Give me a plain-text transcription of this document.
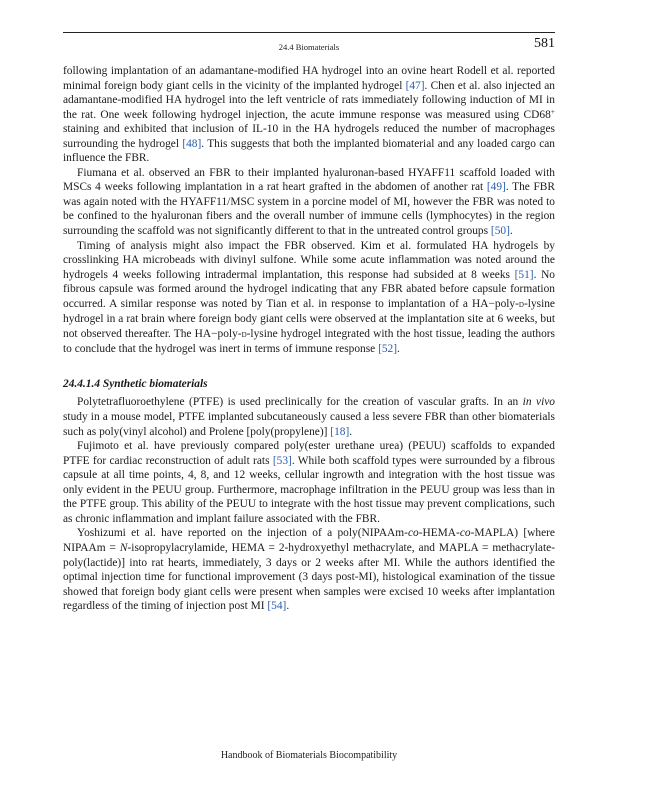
24.4 Biomaterials	581

following implantation of an adamantane-modified HA hydrogel into an ovine heart Rodell et al. reported minimal foreign body giant cells in the vicinity of the implanted hydrogel [47]. Chen et al. also injected an adamantane-modified HA hydrogel into the left ventricle of rats immediately following induction of MI in the rat. One week following hydrogel injection, the acute immune response was measured using CD68+ staining and exhibited that inclusion of IL-10 in the HA hydrogels reduced the number of macrophages surrounding the hydrogel [48]. This suggests that both the implanted biomaterial and any loaded cargo can influence the FBR.

Fiumana et al. observed an FBR to their implanted hyaluronan-based HYAFF11 scaffold loaded with MSCs 4 weeks following implantation in a rat heart grafted in the abdomen of another rat [49]. The FBR was again noted with the HYAFF11/MSC system in a porcine model of MI, however the FBR was noted to be confined to the hyaluronan fibers and the overall number of immune cells (lymphocytes) in the region surrounding the scaffold was not significantly different to that in the untreated control groups [50].

Timing of analysis might also impact the FBR observed. Kim et al. formulated HA hydrogels by crosslinking HA microbeads with divinyl sulfone. While some acute inflammation was noted around the hydrogels 4 weeks following intradermal implantation, this response had subsided at 8 weeks [51]. No fibrous capsule was formed around the hydrogel indicating that any FBR abated before capsule formation occurred. A similar response was noted by Tian et al. in response to implantation of a HA−poly-d-lysine hydrogel in a rat brain where foreign body giant cells were observed at the implantation site at 6 weeks, but not observed thereafter. The HA−poly-d-lysine hydrogel integrated with the host tissue, leading the authors to conclude that the hydrogel was inert in terms of immune response [52].

24.4.1.4 Synthetic biomaterials

Polytetrafluoroethylene (PTFE) is used preclinically for the creation of vascular grafts. In an in vivo study in a mouse model, PTFE implanted subcutaneously caused a less severe FBR than other biomaterials such as poly(vinyl alcohol) and Prolene [poly(propylene)] [18].

Fujimoto et al. have previously compared poly(ester urethane urea) (PEUU) scaffolds to expanded PTFE for cardiac reconstruction of adult rats [53]. While both scaffold types were surrounded by a fibrous capsule at all time points, 4, 8, and 12 weeks, cellular ingrowth and integration with the host tissue was only evident in the PEUU group. Furthermore, macrophage infiltration in the PEUU group was less than in the PTFE group. This ability of the PEUU to integrate with the host tissue may prevent complications, such as chronic inflammation and implant failure associated with the FBR.

Yoshizumi et al. have reported on the injection of a poly(NIPAAm-co-HEMA-co-MAPLA) [where NIPAAm = N-isopropylacrylamide, HEMA = 2-hydroxyethyl methacrylate, and MAPLA = methacrylate-poly(lactide)] into rat hearts, immediately, 3 days or 2 weeks after MI. While the authors identified the optimal injection time for functional improvement (3 days post-MI), histological examination of the tissue showed that foreign body giant cells were present when samples were excised 10 weeks after implantation regardless of the timing of injection post MI [54].

Handbook of Biomaterials Biocompatibility
